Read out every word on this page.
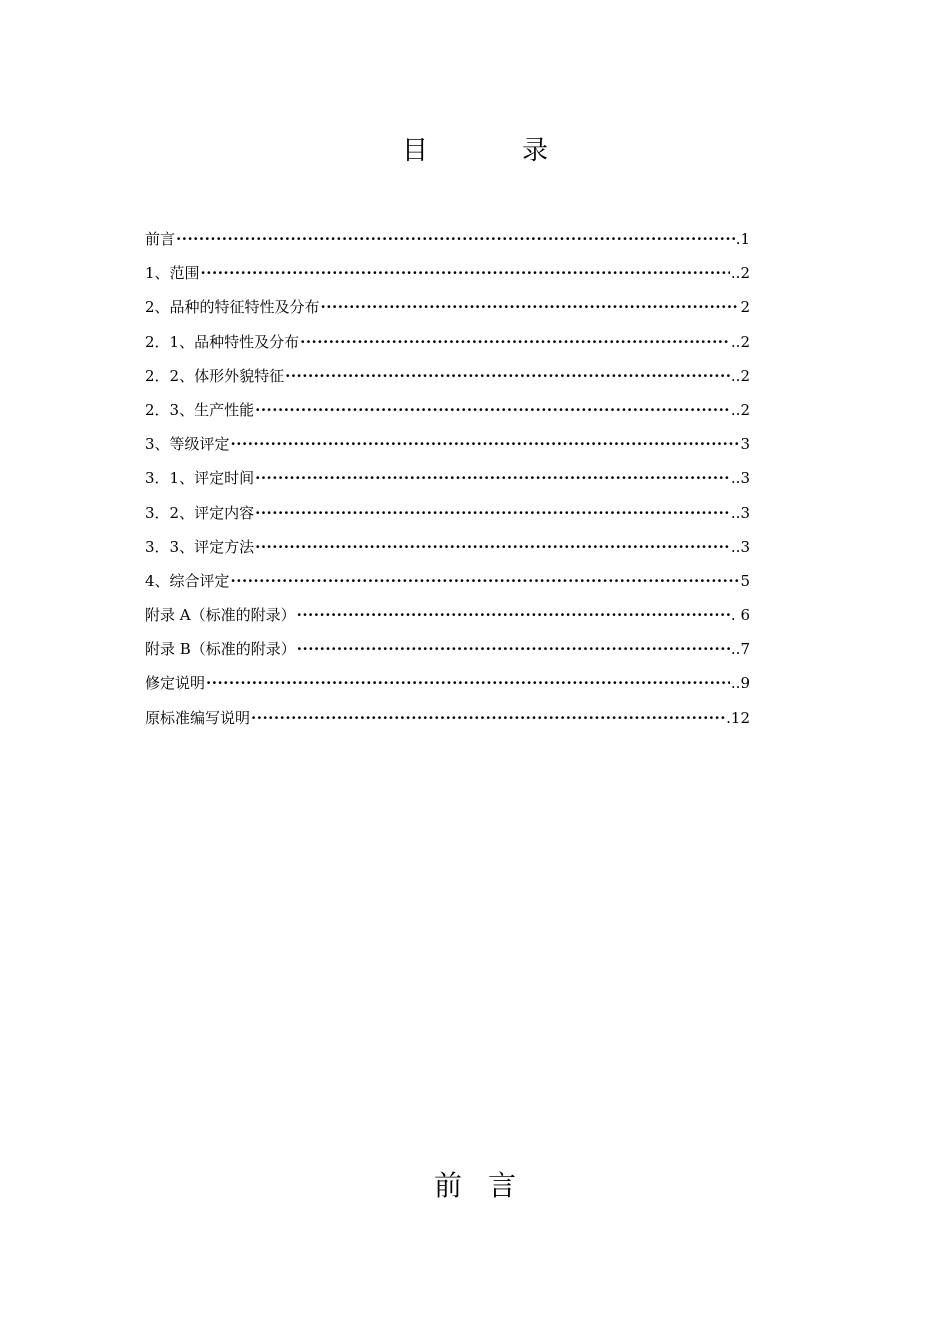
目　录
前言 ·····	.1
1、范围 ·····	..2
2、品种的特征特性及分布 ·····	2
2．1、品种特性及分布 ·····	..2
2．2、体形外貌特征 ·····	..2
2．3、生产性能 ·····	..2
3、等级评定 ·····	3
3．1、评定时间 ·····	..3
3．2、评定内容 ·····	..3
3．3、评定方法 ·····	..3
4、综合评定 ·····	5
附录 A（标准的附录） ·····	. 6
附录 B（标准的附录） ·····	..7
修定说明 ·····	..9
原标准编写说明 ·····	.12
前言
